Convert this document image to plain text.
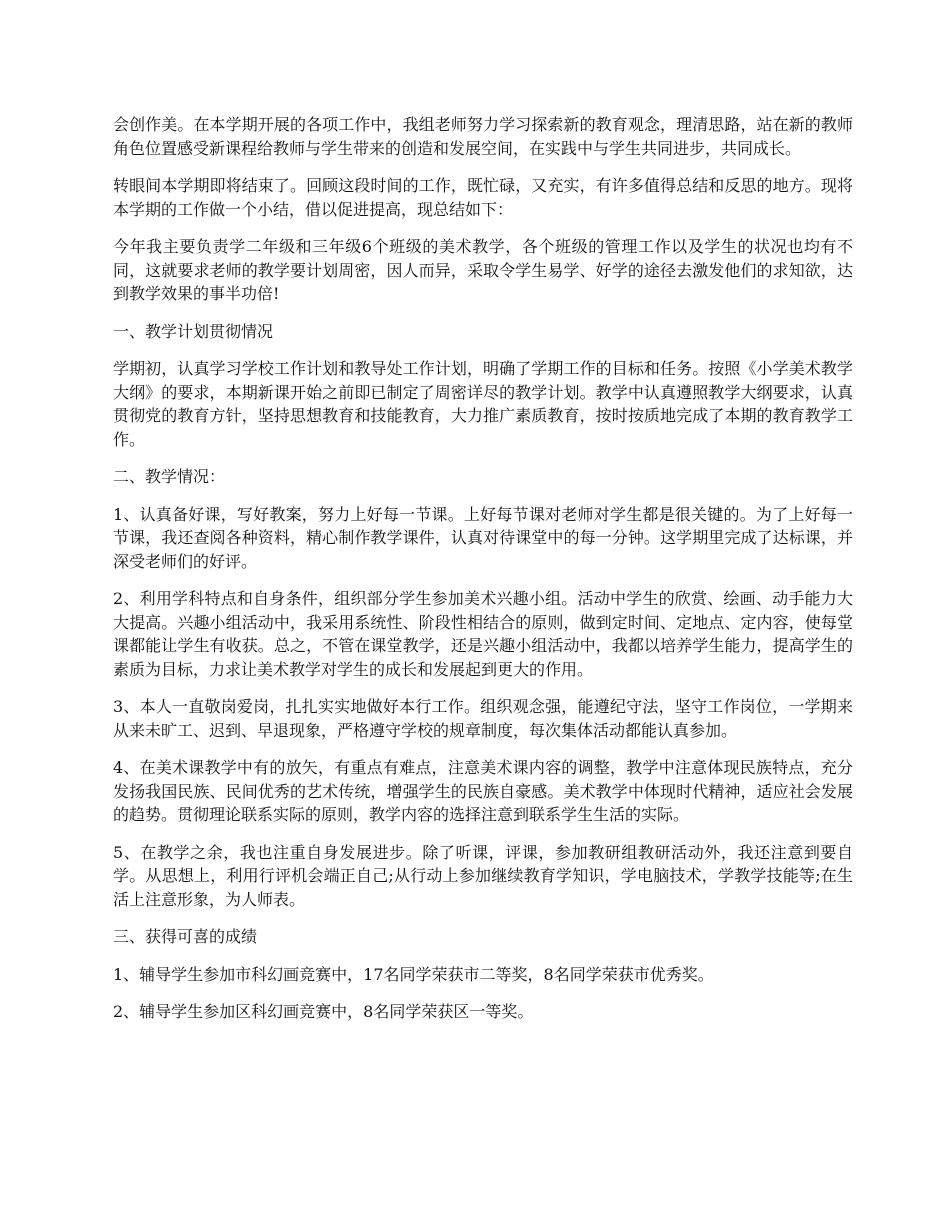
会创作美。在本学期开展的各项工作中，我组老师努力学习探索新的教育观念，理清思路，站在新的教师角色位置感受新课程给教师与学生带来的创造和发展空间，在实践中与学生共同进步，共同成长。

转眼间本学期即将结束了。回顾这段时间的工作，既忙碌，又充实，有许多值得总结和反思的地方。现将本学期的工作做一个小结，借以促进提高，现总结如下：

今年我主要负责学二年级和三年级6个班级的美术教学，各个班级的管理工作以及学生的状况也均有不同，这就要求老师的教学要计划周密，因人而异，采取令学生易学、好学的途径去激发他们的求知欲，达到教学效果的事半功倍!

一、教学计划贯彻情况

学期初，认真学习学校工作计划和教导处工作计划，明确了学期工作的目标和任务。按照《小学美术教学大纲》的要求，本期新课开始之前即已制定了周密详尽的教学计划。教学中认真遵照教学大纲要求，认真贯彻党的教育方针，坚持思想教育和技能教育，大力推广素质教育，按时按质地完成了本期的教育教学工作。

二、教学情况：

1、认真备好课，写好教案，努力上好每一节课。上好每节课对老师对学生都是很关键的。为了上好每一节课，我还查阅各种资料，精心制作教学课件，认真对待课堂中的每一分钟。这学期里完成了达标课，并深受老师们的好评。

2、利用学科特点和自身条件，组织部分学生参加美术兴趣小组。活动中学生的欣赏、绘画、动手能力大大提高。兴趣小组活动中，我采用系统性、阶段性相结合的原则，做到定时间、定地点、定内容，使每堂课都能让学生有收获。总之，不管在课堂教学，还是兴趣小组活动中，我都以培养学生能力，提高学生的素质为目标，力求让美术教学对学生的成长和发展起到更大的作用。

3、本人一直敬岗爱岗，扎扎实实地做好本行工作。组织观念强，能遵纪守法，坚守工作岗位，一学期来从来未旷工、迟到、早退现象，严格遵守学校的规章制度，每次集体活动都能认真参加。

4、在美术课教学中有的放矢，有重点有难点，注意美术课内容的调整，教学中注意体现民族特点，充分发扬我国民族、民间优秀的艺术传统，增强学生的民族自豪感。美术教学中体现时代精神，适应社会发展的趋势。贯彻理论联系实际的原则，教学内容的选择注意到联系学生生活的实际。

5、在教学之余，我也注重自身发展进步。除了听课，评课，参加教研组教研活动外，我还注意到要自学。从思想上，利用行评机会端正自己;从行动上参加继续教育学知识，学电脑技术，学教学技能等;在生活上注意形象，为人师表。

三、获得可喜的成绩

1、辅导学生参加市科幻画竞赛中，17名同学荣获市二等奖，8名同学荣获市优秀奖。

2、辅导学生参加区科幻画竞赛中，8名同学荣获区一等奖。
